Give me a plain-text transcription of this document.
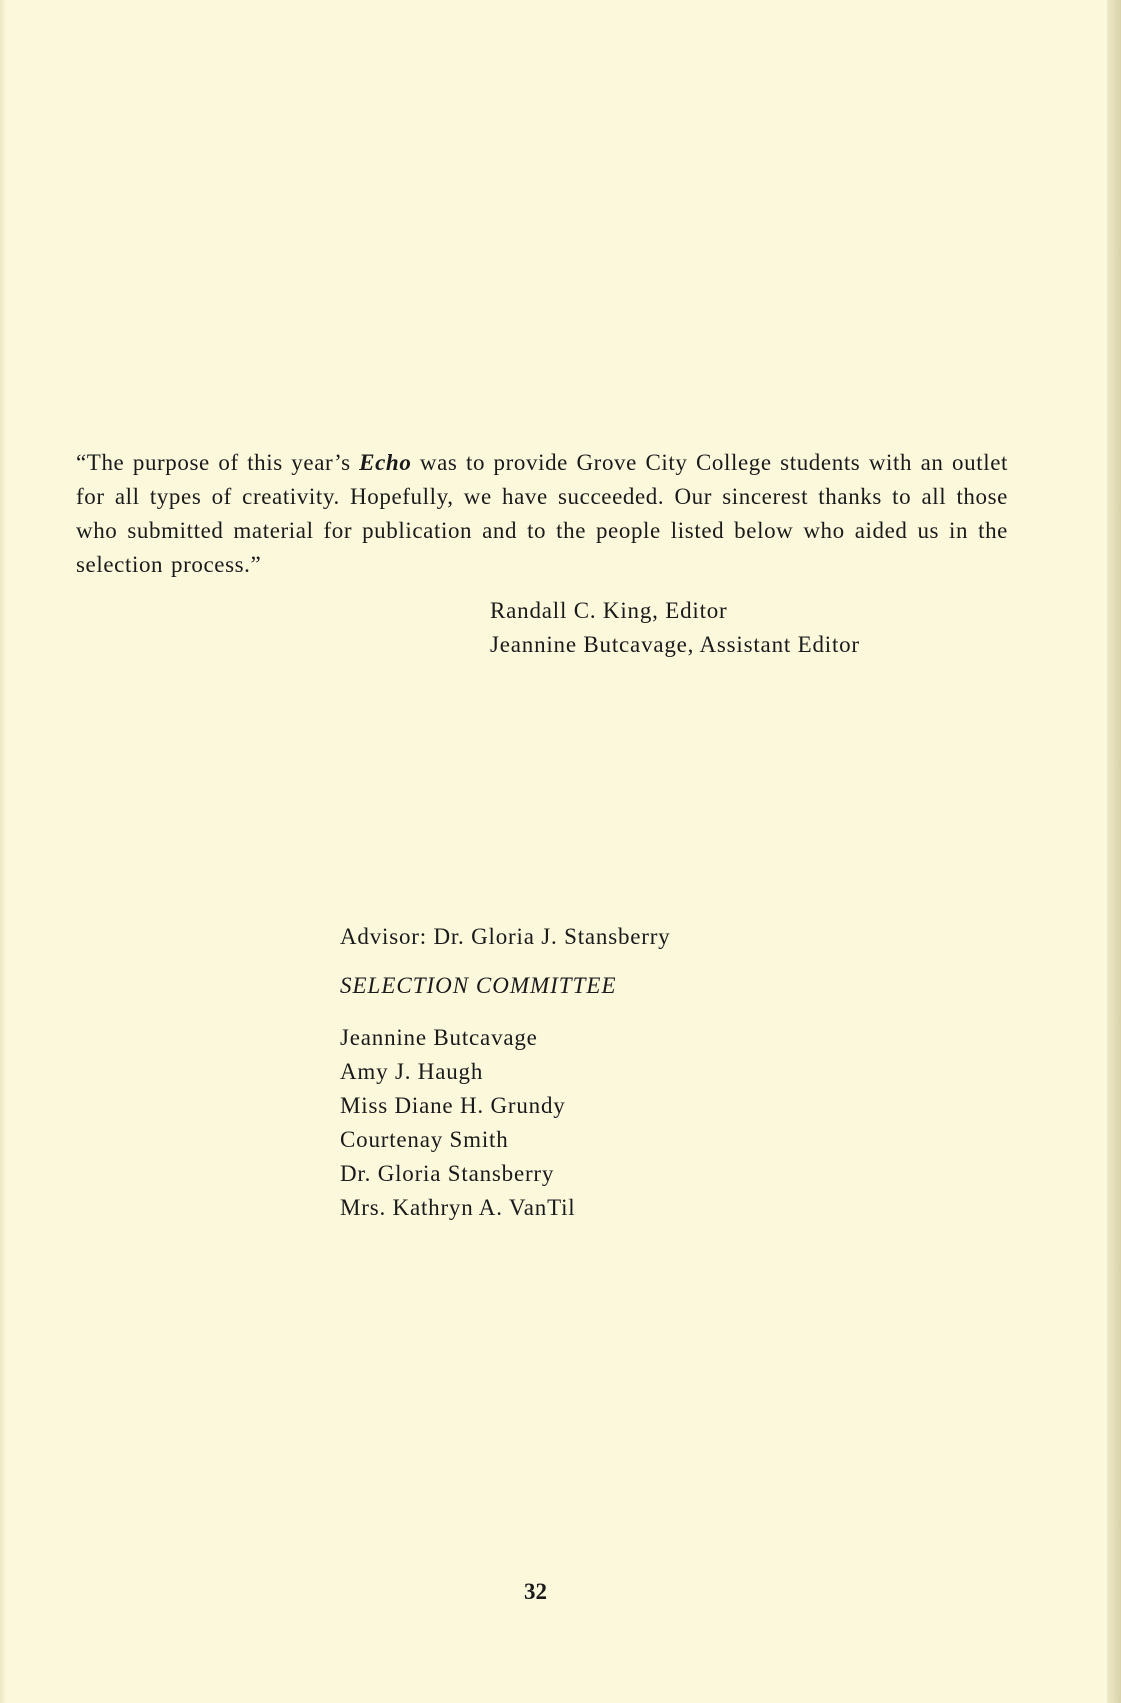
“The purpose of this year’s Echo was to provide Grove City College students with an outlet for all types of creativity. Hopefully, we have succeeded. Our sincerest thanks to all those who submitted material for publication and to the people listed below who aided us in the selection process.”

Randall C. King, Editor
Jeannine Butcavage, Assistant Editor
Advisor: Dr. Gloria J. Stansberry
SELECTION COMMITTEE
Jeannine Butcavage
Amy J. Haugh
Miss Diane H. Grundy
Courtenay Smith
Dr. Gloria Stansberry
Mrs. Kathryn A. VanTil
32
